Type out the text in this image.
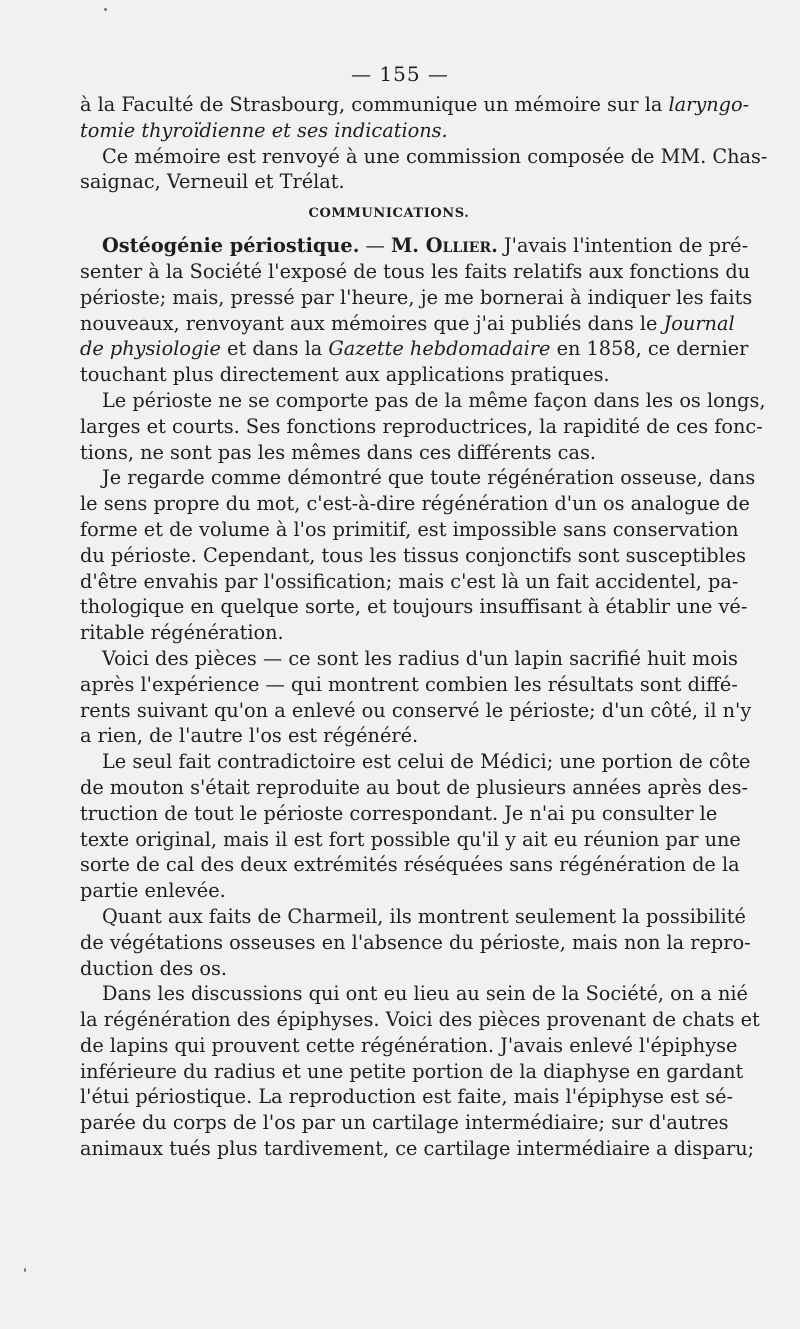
— 155 —
à la Faculté de Strasbourg, communique un mémoire sur la laryngo-
tomie thyroïdienne et ses indications.
Ce mémoire est renvoyé à une commission composée de MM. Chas-
saignac, Verneuil et Trélat.
COMMUNICATIONS.
Ostéogénie périostique. — M. Ollier. J'avais l'intention de pré-
senter à la Société l'exposé de tous les faits relatifs aux fonctions du
périoste; mais, pressé par l'heure, je me bornerai à indiquer les faits
nouveaux, renvoyant aux mémoires que j'ai publiés dans le Journal
de physiologie et dans la Gazette hebdomadaire en 1858, ce dernier
touchant plus directement aux applications pratiques.
Le périoste ne se comporte pas de la même façon dans les os longs,
larges et courts. Ses fonctions reproductrices, la rapidité de ces fonc-
tions, ne sont pas les mêmes dans ces différents cas.
Je regarde comme démontré que toute régénération osseuse, dans
le sens propre du mot, c'est-à-dire régénération d'un os analogue de
forme et de volume à l'os primitif, est impossible sans conservation
du périoste. Cependant, tous les tissus conjonctifs sont susceptibles
d'être envahis par l'ossification; mais c'est là un fait accidentel, pa-
thologique en quelque sorte, et toujours insuffisant à établir une vé-
ritable régénération.
Voici des pièces — ce sont les radius d'un lapin sacrifié huit mois
après l'expérience — qui montrent combien les résultats sont diffé-
rents suivant qu'on a enlevé ou conservé le périoste; d'un côté, il n'y
a rien, de l'autre l'os est régénéré.
Le seul fait contradictoire est celui de Médici; une portion de côte
de mouton s'était reproduite au bout de plusieurs années après des-
truction de tout le périoste correspondant. Je n'ai pu consulter le
texte original, mais il est fort possible qu'il y ait eu réunion par une
sorte de cal des deux extrémités réséquées sans régénération de la
partie enlevée.
Quant aux faits de Charmeil, ils montrent seulement la possibilité
de végétations osseuses en l'absence du périoste, mais non la repro-
duction des os.
Dans les discussions qui ont eu lieu au sein de la Société, on a nié
la régénération des épiphyses. Voici des pièces provenant de chats et
de lapins qui prouvent cette régénération. J'avais enlevé l'épiphyse
inférieure du radius et une petite portion de la diaphyse en gardant
l'étui périostique. La reproduction est faite, mais l'épiphyse est sé-
parée du corps de l'os par un cartilage intermédiaire; sur d'autres
animaux tués plus tardivement, ce cartilage intermédiaire a disparu;
